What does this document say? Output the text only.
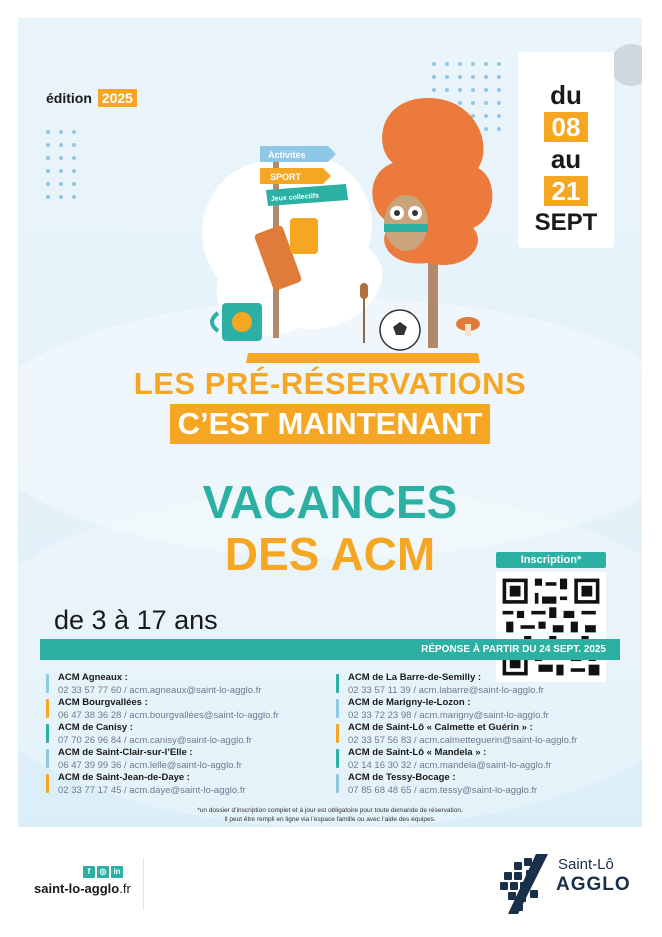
édition 2025	du
08
au
21
SEPT
Activités
SPORT
Jeux collectifs
LES PRÉ-RÉSERVATIONS
C’EST MAINTENANT
VACANCES
DES ACM	Inscription*
de 3 à 17 ans
RÉPONSE À PARTIR DU 24 SEPT. 2025
ACM Agneaux :
02 33 57 77 60 / acm.agneaux@saint-lo-agglo.fr
ACM Bourgvallées :
06 47 38 36 28 / acm.bourgvallées@saint-lo-agglo.fr
ACM de Canisy :
07 70 26 96 84 / acm.canisy@saint-lo-agglo.fr
ACM de Saint-Clair-sur-l’Elle :
06 47 39 99 36 / acm.lelle@saint-lo-agglo.fr
ACM de Saint-Jean-de-Daye :
02 33 77 17 45 / acm.daye@saint-lo-agglo.fr
ACM de La Barre-de-Semilly :
02 33 57 11 39 / acm.labarre@saint-lo-agglo.fr
ACM de Marigny-le-Lozon :
02 33 72 23 98 / acm.marigny@saint-lo-agglo.fr
ACM de Saint-Lô « Calmette et Guérin » :
02 33 57 56 83 / acm.calmetteguerin@saint-lo-agglo.fr
ACM de Saint-Lô « Mandela » :
02 14 16 30 32 / acm.mandela@saint-lo-agglo.fr
ACM de Tessy-Bocage :
07 85 68 48 65 / acm.tessy@saint-lo-agglo.fr
*un dossier d’inscription complet et à jour est obligatoire pour toute demande de réservation.
Il peut être rempli en ligne via l’espace famille ou avec l’aide des équipes.
f	◎ in
saint-lo-agglo.fr
Saint-Lô
AGGLO
